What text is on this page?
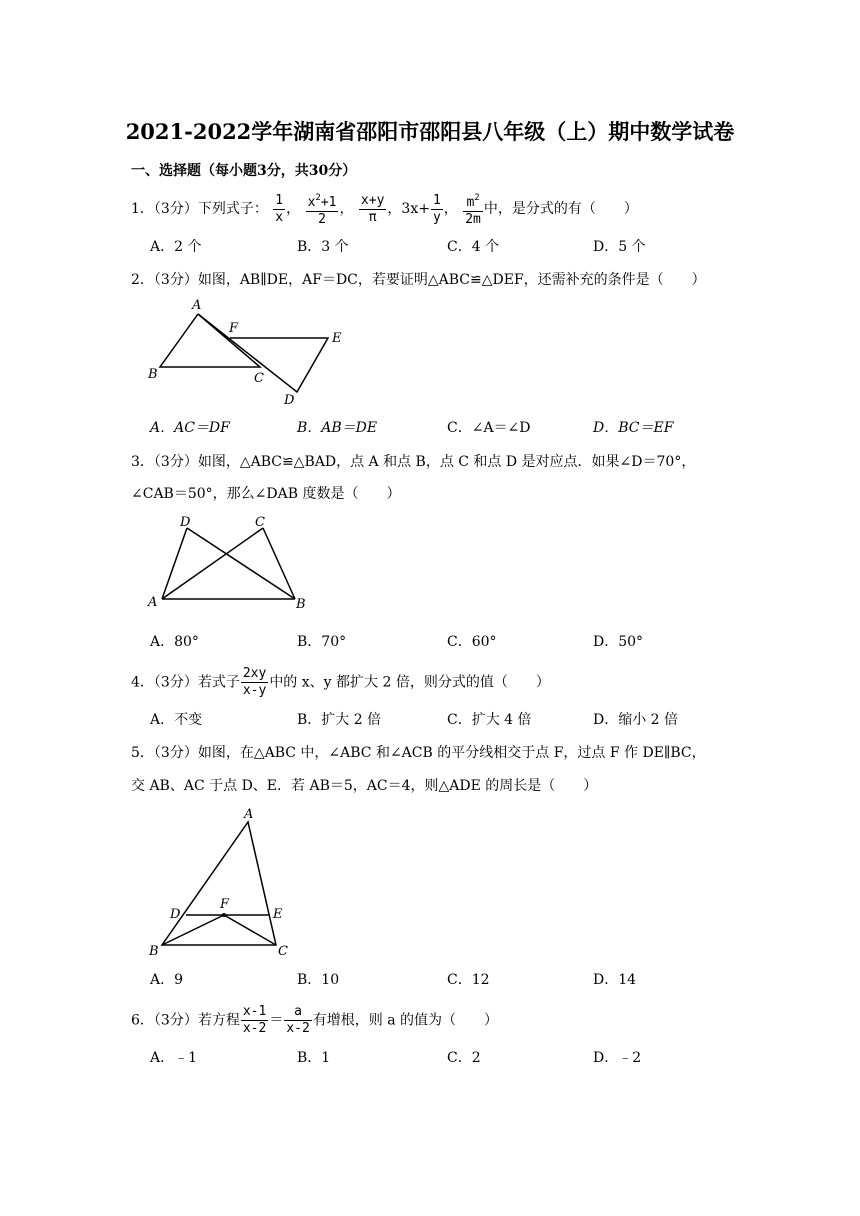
2021-2022学年湖南省邵阳市邵阳县八年级（上）期中数学试卷
一、选择题（每小题3分，共30分）
1．（3分）下列式子： $\frac{1}{x}$ ， $\frac{x^2+1}{2}$ ， $\frac{x+y}{\pi}$ ，$3x+ \frac{1}{y}$ ， $\frac{m^2}{2m}$ 中，是分式的有（　　）
A．2 个	B．3 个	C．4 个	D．5 个
2．（3分）如图，AB∥DE，AF＝DC，若要证明△ABC≌△DEF，还需补充的条件是（　　）
A
F
E
B	C
D
A．AC＝DF	B．AB＝DE	C．∠A＝∠D	D．BC＝EF
3．（3分）如图，△ABC≌△BAD，点 A 和点 B，点 C 和点 D 是对应点．如果∠D＝70°，
∠CAB＝50°，那么∠DAB 度数是（　　）
D	C
A	B
A．80°	B．70°	C．60°	D．50°
4．（3分）若式子 $\frac{2xy}{x-y}$ 中的 x、y 都扩大 2 倍，则分式的值（　　）
A．不变	B．扩大 2 倍	C．扩大 4 倍	D．缩小 2 倍
5．（3分）如图，在△ABC 中，∠ABC 和∠ACB 的平分线相交于点 F，过点 F 作 DE∥BC，
交 AB、AC 于点 D、E．若 AB＝5，AC＝4，则△ADE 的周长是（　　）
A
F
D	E
B	C
A．9	B．10	C．12	D．14
6．（3分）若方程 $\frac{x-1}{x-2} = \frac{a}{x-2}$ 有增根，则 a 的值为（　　）
A．﹣1	B．1	C．2	D．﹣2
